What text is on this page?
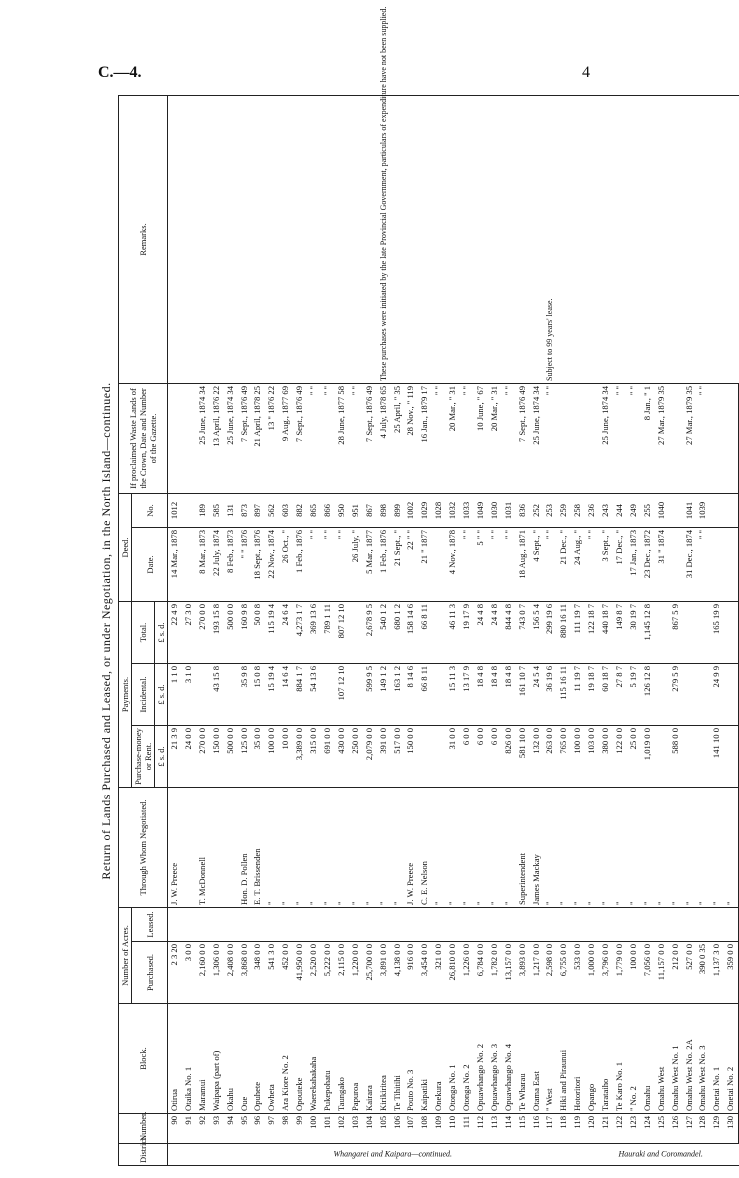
C.—4.	4
Return of Lands Purchased and Leased, or under Negotiation, in the North Island—continued.
District.	Number.	Block.	Number of Acres.		Through Whom Negotiated.	Payments.			Deed.		If proclaimed Waste Lands of the Crown, Date and Number of the Gazette.	Remarks.
			Purchased.	Leased.		Purchase-money or Rent.	Incidental.	Total.	Date.	No.		
						£ s. d.	£ s. d.	£ s. d.				

Whangarei and Kaipara—continued.	90	Otirua	2 3 20		J. W. Preece	21 3 9	1 1 0	22 4 9	14 Mar., 1878	1012		
	91	Otaika No. 1	3 0 0			24 0 0	3 1 0	27 3 0				
	92	Maramui	2,160 0 0		T. McDonnell	270 0 0		270 0 0	8 Mar., 1873	189	25 June, 1874 34	
	93	Waipapa (part of)	1,306 0 0			150 0 0	43 15 8	193 15 8	22 July, 1874	585	13 April, 1876 22	
	94	Okahu	2,408 0 0			500 0 0		500 0 0	8 Feb., 1873	131	25 June, 1874 34	
	95	Oue	3,868 0 0		Hon. D. Pollen	125 0 0	35 9 8	160 9 8	" " 1876	873	7 Sept., 1876 49	
	96	Opuhete	348 0 0		E. T. Brissenden	35 0 0	15 0 8	50 0 8	18 Sept., 1876	897	21 April, 1878 25	
	97	Owheta	541 3 0		"	100 0 0	15 19 4	115 19 4	22 Nov., 1874	562	13 " 1876 22	
	98	Ara Kiore No. 2	452 0 0		"	10 0 0	14 6 4	24 6 4	26 Oct., "	603	9 Aug., 1877 69	
	99	Opouteke	41,950 0 0		"	3,389 0 0	884 1 7	4,273 1 7	1 Feb., 1876	882	7 Sept., 1876 49	
	100	Waerekahakaha	2,520 0 0		"	315 0 0	54 13 6	369 13 6	" "	865	" "	
	101	Pukepohatu	5,222 0 0		"	691 0 0		789 1 11	" "	866	" "	
	102	Taungako	2,115 0 0		"	430 0 0	107 12 10	807 12 10	" "	950	28 June, 1877 58	
	103	Papuroa	1,220 0 0		"	250 0 0			26 July, "	951	" "	
	104	Kairara	25,700 0 0		"	2,079 0 0	599 9 5	2,678 9 5	5 Mar., 1877	867	7 Sept., 1876 49	
	105	Kirikiritea	3,891 0 0		"	391 0 0	149 1 2	540 1 2	1 Feb., 1876	898	4 July, 1878 65	These purchases were initiated by the late Provincial Government, particulars of expenditure have not been supplied.
	106	Te Tihitihi	4,138 0 0		"	517 0 0	163 1 2	680 1 2	21 Sept., "	899	25 April, " 35	
	107	Pouto No. 3	916 0 0		J. W. Preece	150 0 0	8 14 6	158 14 6	22 " "	1002	28 Nov., " 119	
	108	Kaipatiki	3,454 0 0		C. E. Nelson		66 8 11	66 8 11	21 " 1877	1029	16 Jan., 1879 17	
	109	Onekura	321 0 0		"					1028	" "	
	110	Otonga No. 1	26,810 0 0		"	31 0 0	15 11 3	46 11 3	4 Nov., 1878	1032	20 Mar., " 31	
	111	Otonga No. 2	1,226 0 0		"	6 0 0	13 17 9	19 17 9	" "	1033	" "	
	112	Opuawhango No. 2	6,784 0 0		"	6 0 0	18 4 8	24 4 8	5 " "	1049	10 June, " 67	
	113	Opuawhango No. 3	1,782 0 0		"	6 0 0	18 4 8	24 4 8	" "	1030	20 Mar., " 31	
	114	Opuawhango No. 4	13,157 0 0		"	826 0 0	18 4 8	844 4 8	" "	1031	" "	

Hauraki and Coromandel.	115	Te Wharau	3,893 0 0		Superintendent	581 10 0	161 10 7	743 0 7	18 Aug., 1871	836	7 Sept., 1876 49	
	116	Otama East	1,217 0 0		James Mackay	132 0 0	24 5 4	156 5 4	4 Sept., "	252	25 June, 1874 34	
	117	" West	2,598 0 0		"	263 0 0	36 19 6	299 19 6	" "	253	" "	Subject to 99 years' lease.
	118	Hiki and Piraunui	6,755 0 0		"	765 0 0	115 16 11	880 16 11	21 Dec., "	259		
	119	Hotoritori	533 0 0		"	100 0 0	11 19 7	111 19 7	24 Aug., "	258		
	120	Opango	1,000 0 0		"	103 0 0	19 18 7	122 18 7	" "	236		
	121	Tarataiho	3,796 0 0		"	380 0 0	60 18 7	440 18 7	3 Sept., "	243	25 June, 1874 34	
	122	Te Karo No. 1	1,779 0 0		"	122 0 0	27 8 7	149 8 7	17 Dec., "	244	" "	
	123	" No. 2	100 0 0		"	25 0 0	5 19 7	30 19 7	17 Jan., 1873	249	" "	
	124	Omahu	7,056 0 0		"	1,019 0 0	126 12 8	1,145 12 8	23 Dec., 1872	255	8 Jan., " 1	
	125	Omahu West	11,157 0 0		"				31 " 1874	1040	27 Mar., 1879 35	
	126	Omahu West No. 1	212 0 0		"	588 0 0	279 5 9	867 5 9				
	127	Omahu West No. 2A	527 0 0		"				31 Dec., 1874	1041	27 Mar., 1879 35	
	128	Omahu West No. 3	390 0 35		"				" "	1039	" "	
	129	Onetai No. 1	1,137 3 0		"	141 10 0	24 9 9	165 19 9				
	130	Onetai No. 2	359 0 0		"							
